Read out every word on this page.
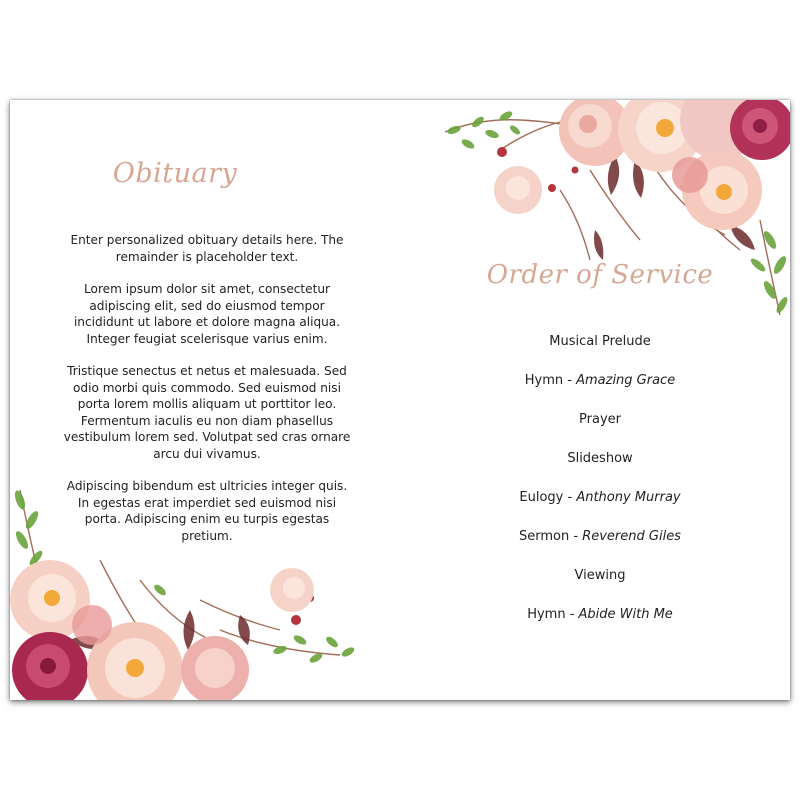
Obituary

Enter personalized obituary details here. The remainder is placeholder text.

Lorem ipsum dolor sit amet, consectetur adipiscing elit, sed do eiusmod tempor incididunt ut labore et dolore magna aliqua. Integer feugiat scelerisque varius enim.

Tristique senectus et netus et malesuada. Sed odio morbi quis commodo. Sed euismod nisi porta lorem mollis aliquam ut porttitor leo. Fermentum iaculis eu non diam phasellus vestibulum lorem sed. Volutpat sed cras ornare arcu dui vivamus.

Adipiscing bibendum est ultricies integer quis. In egestas erat imperdiet sed euismod nisi porta. Adipiscing enim eu turpis egestas pretium.

Order of Service
Musical Prelude
Hymn - Amazing Grace
Prayer
Slideshow
Eulogy - Anthony Murray
Sermon - Reverend Giles
Viewing
Hymn - Abide With Me
